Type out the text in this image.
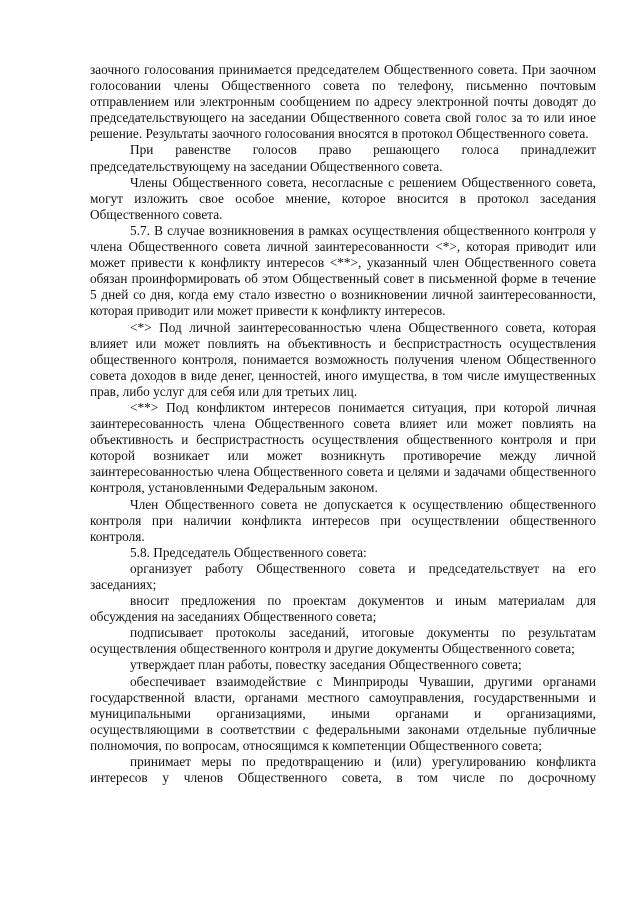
заочного голосования принимается председателем Общественного совета. При заочном голосовании члены Общественного совета по телефону, письменно почтовым отправлением или электронным сообщением по адресу электронной почты доводят до председательствующего на заседании Общественного совета свой голос за то или иное решение. Результаты заочного голосования вносятся в протокол Общественного совета.

При равенстве голосов право решающего голоса принадлежит председательствующему на заседании Общественного совета.

Члены Общественного совета, несогласные с решением Общественного совета, могут изложить свое особое мнение, которое вносится в протокол заседания Общественного совета.

5.7. В случае возникновения в рамках осуществления общественного контроля у члена Общественного совета личной заинтересованности <*>, которая приводит или может привести к конфликту интересов <**>, указанный член Общественного совета обязан проинформировать об этом Общественный совет в письменной форме в течение 5 дней со дня, когда ему стало известно о возникновении личной заинтересованности, которая приводит или может привести к конфликту интересов.

<*> Под личной заинтересованностью члена Общественного совета, которая влияет или может повлиять на объективность и беспристрастность осуществления общественного контроля, понимается возможность получения членом Общественного совета доходов в виде денег, ценностей, иного имущества, в том числе имущественных прав, либо услуг для себя или для третьих лиц.

<**> Под конфликтом интересов понимается ситуация, при которой личная заинтересованность члена Общественного совета влияет или может повлиять на объективность и беспристрастность осуществления общественного контроля и при которой возникает или может возникнуть противоречие между личной заинтересованностью члена Общественного совета и целями и задачами общественного контроля, установленными Федеральным законом.

Член Общественного совета не допускается к осуществлению общественного контроля при наличии конфликта интересов при осуществлении общественного контроля.

5.8. Председатель Общественного совета:

организует работу Общественного совета и председательствует на его заседаниях;

вносит предложения по проектам документов и иным материалам для обсуждения на заседаниях Общественного совета;

подписывает протоколы заседаний, итоговые документы по результатам осуществления общественного контроля и другие документы Общественного совета;

утверждает план работы, повестку заседания Общественного совета;

обеспечивает взаимодействие с Минприроды Чувашии, другими органами государственной власти, органами местного самоуправления, государственными и муниципальными организациями, иными органами и организациями, осуществляющими в соответствии с федеральными законами отдельные публичные полномочия, по вопросам, относящимся к компетенции Общественного совета;

принимает меры по предотвращению и (или) урегулированию конфликта интересов у членов Общественного совета, в том числе по досрочному
